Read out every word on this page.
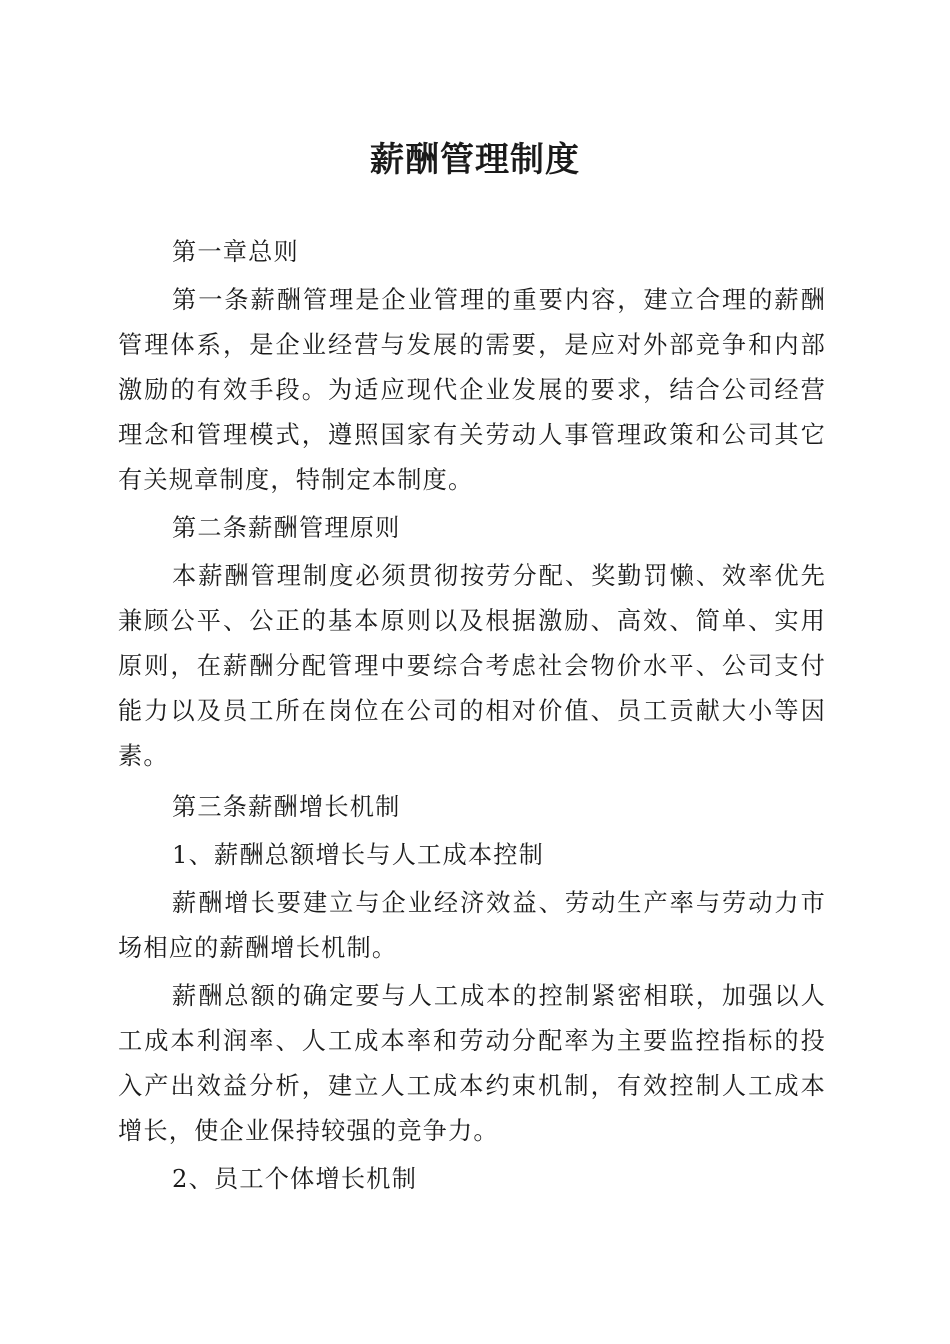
薪酬管理制度

第一章总则

第一条薪酬管理是企业管理的重要内容，建立合理的薪酬管理体系，是企业经营与发展的需要，是应对外部竞争和内部激励的有效手段。为适应现代企业发展的要求，结合公司经营理念和管理模式，遵照国家有关劳动人事管理政策和公司其它有关规章制度，特制定本制度。

第二条薪酬管理原则

本薪酬管理制度必须贯彻按劳分配、奖勤罚懒、效率优先兼顾公平、公正的基本原则以及根据激励、高效、简单、实用原则，在薪酬分配管理中要综合考虑社会物价水平、公司支付能力以及员工所在岗位在公司的相对价值、员工贡献大小等因素。

第三条薪酬增长机制

1、薪酬总额增长与人工成本控制

薪酬增长要建立与企业经济效益、劳动生产率与劳动力市场相应的薪酬增长机制。

薪酬总额的确定要与人工成本的控制紧密相联，加强以人工成本利润率、人工成本率和劳动分配率为主要监控指标的投入产出效益分析，建立人工成本约束机制，有效控制人工成本增长，使企业保持较强的竞争力。

2、员工个体增长机制
